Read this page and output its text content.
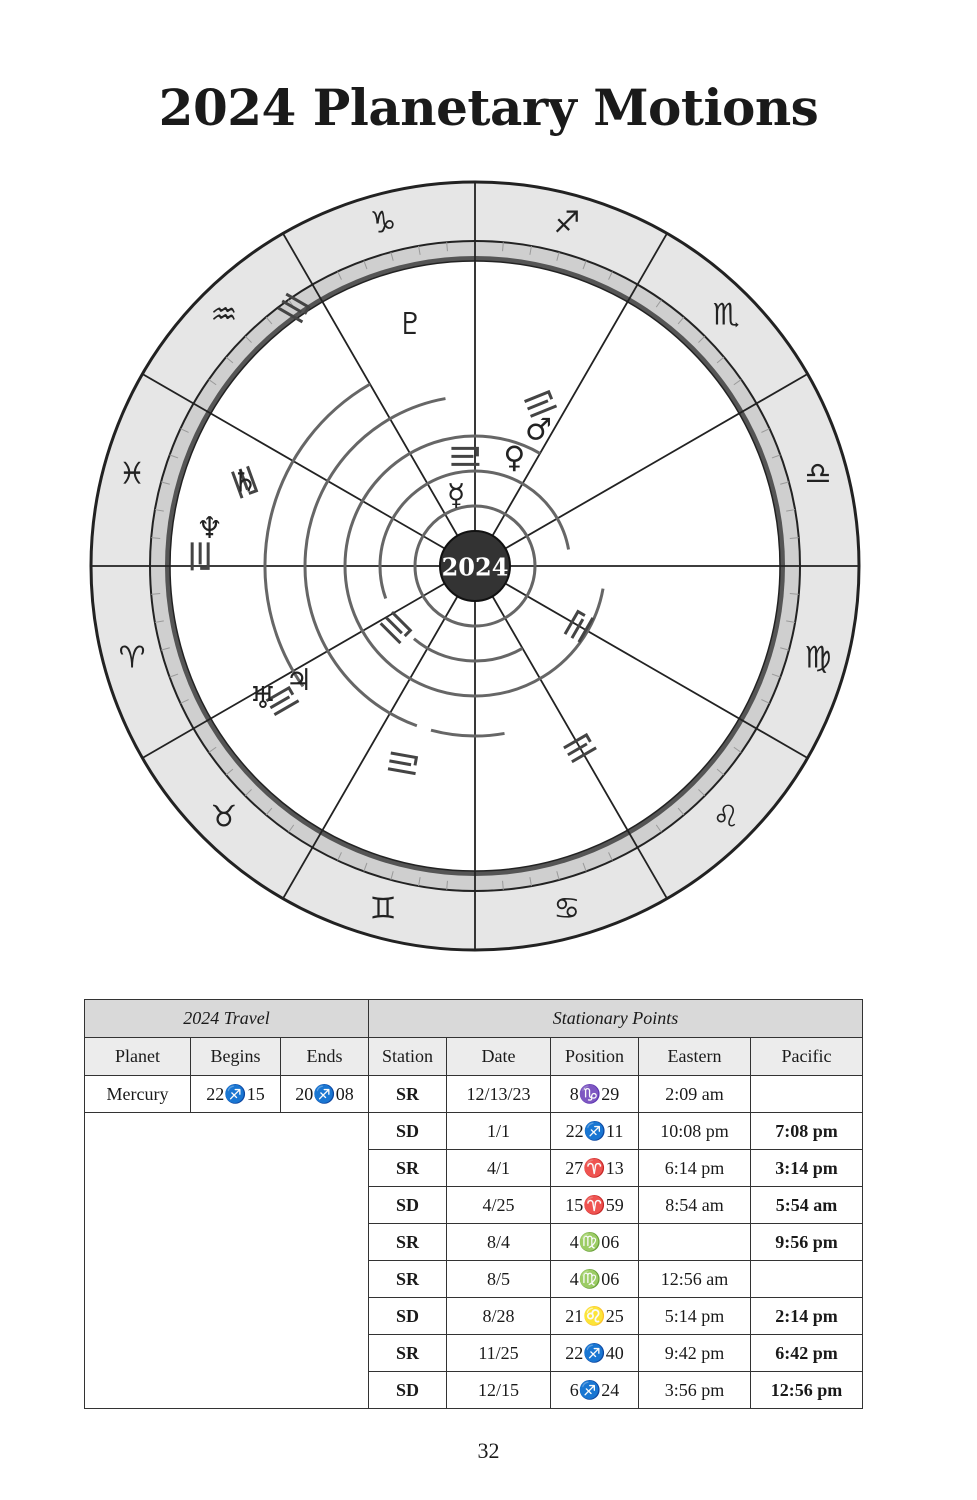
2024 Planetary Motions
♈
♉
♊	♋
♌
♍
♎
♏
♐
♑
♒
♓
♂
♀
☿
♇
♄
♆
♃
♅
2024
2024 Travel			Stationary Points				
Planet	Begins	Ends	Station	Date	Position	Eastern	Pacific
Mercury	22♐15	20♐08	SR	12/13/23	8♑29	2:09 am	
			SD	1/1	22♐11	10:08 pm	7:08 pm
			SR	4/1	27♈13	6:14 pm	3:14 pm
			SD	4/25	15♈59	8:54 am	5:54 am
			SR	8/4	4♍06		9:56 pm
			SR	8/5	4♍06	12:56 am	
			SD	8/28	21♌25	5:14 pm	2:14 pm
			SR	11/25	22♐40	9:42 pm	6:42 pm
			SD	12/15	6♐24	3:56 pm	12:56 pm
32
